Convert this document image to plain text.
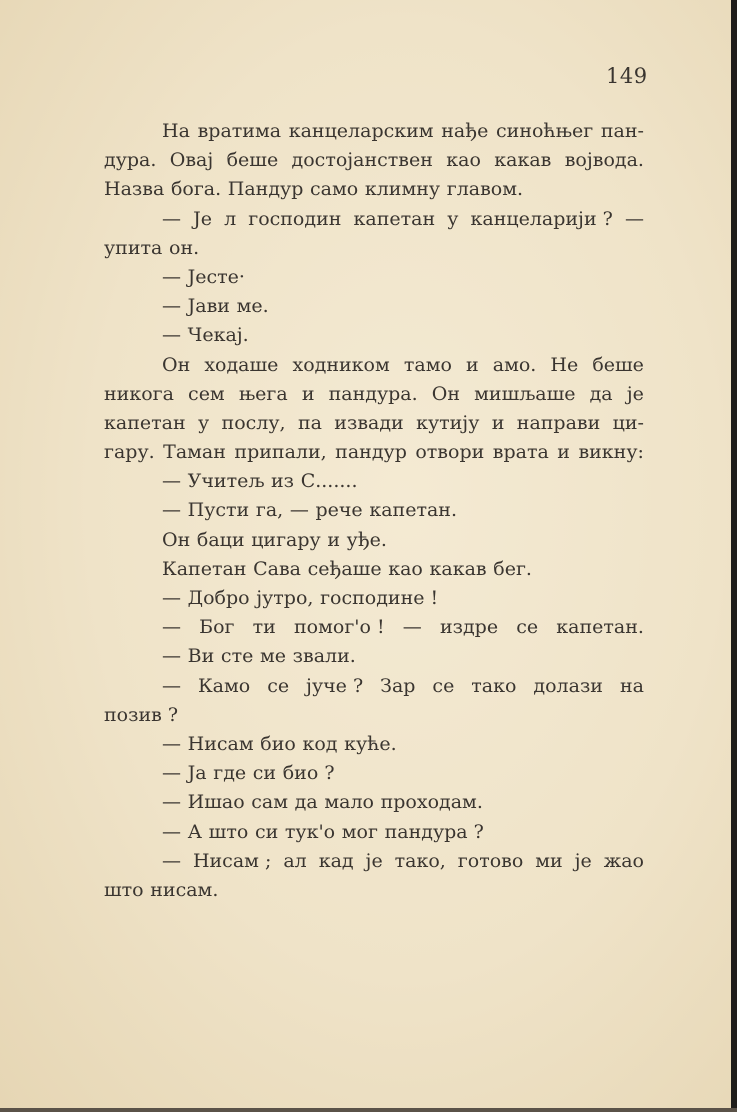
149
На вратима канцеларским нађе синоћњег пан-
дура. Овај беше достојанствен као какав војвода.
Назва бога. Пандур само климну главом.
— Је л господин капетан у канцеларији ? —
упита он.
— Јесте·
— Јави ме.
— Чекај.
Он ходаше ходником тамо и амо. Не беше
никога сем њега и пандура. Он мишљаше да је
капетан у послу, па извади кутију и направи ци-
гару. Таман припали, пандур отвори врата и викну:
— Учитељ из С.......
— Пусти га, — рече капетан.
Он баци цигару и уђе.
Капетан Сава сеђаше као какав бег.
— Добро јутро, господине !
— Бог ти помог'о ! — издре се капетан.
— Ви сте ме звали.
— Камо се јуче ? Зар се тако долази на
позив ?
— Нисам био код куће.
— Ја где си био ?
— Ишао сам да мало проходам.
— А што си тук'о мог пандура ?
— Нисам ; ал кад је тако, готово ми је жао
што нисам.
